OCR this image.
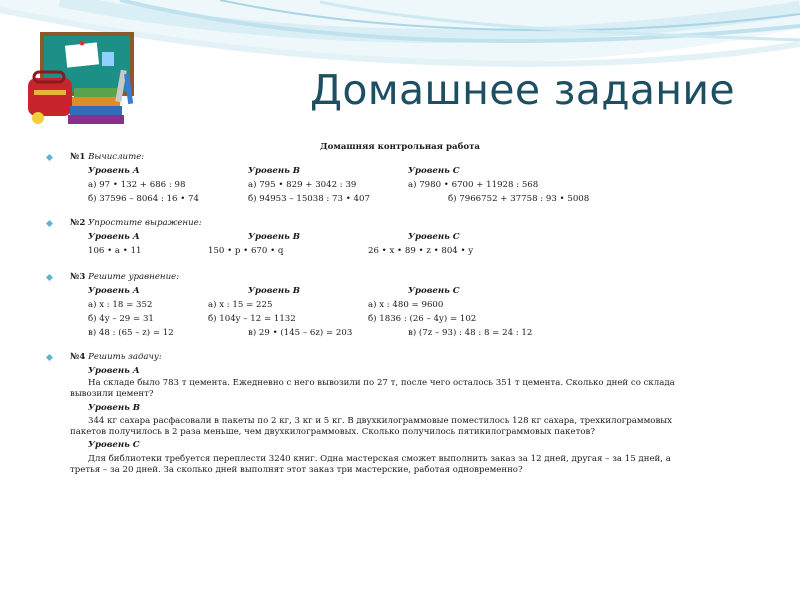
Домашнее задание
Домашняя контрольная работа
№1 Вычислите:
Уровень А	Уровень В	Уровень С
а) 97 • 132 + 686 : 98	а) 795 • 829 + 3042 : 39	а) 7980 • 6700 + 11928 : 568
б) 37596 – 8064 : 16 • 74	б) 94953 – 15038 : 73 • 407	б) 7966752 + 37758 : 93 • 5008
№2 Упростите выражение:
Уровень А	Уровень В	Уровень С
106 • a • 11	150 • p • 670 • q	26 • x • 89 • z • 804 • y
№3 Решите уравнение:
Уровень А	Уровень В	Уровень С
а) x : 18 = 352	а) x : 15 = 225	а) x : 480 = 9600
б) 4y – 29 = 31	б) 104y – 12 = 1132	б) 1836 : (26 – 4y) = 102
в) 48 : (65 – z) = 12	в) 29 • (145 – 6z) = 203	в) (7z – 93) : 48 : 8 = 24 : 12
№4 Решить задачу:
Уровень А
На складе было 783 т цемента. Ежедневно с него вывозили по 27 т, после чего осталось 351 т цемента. Сколько дней со склада
вывозили цемент?
Уровень В
344 кг сахара расфасовали в пакеты по 2 кг, 3 кг и 5 кг. В двухкилограммовые поместилось 128 кг сахара, трехкилограммовых
пакетов получилось в 2 раза меньше, чем двухкилограммовых. Сколько получилось пятикилограммовых пакетов?
Уровень С
Для библиотеки требуется переплести 3240 книг. Одна мастерская сможет выполнить заказ за 12 дней, другая – за 15 дней, а
третья – за 20 дней. За сколько дней выполнят этот заказ три мастерские, работая одновременно?
